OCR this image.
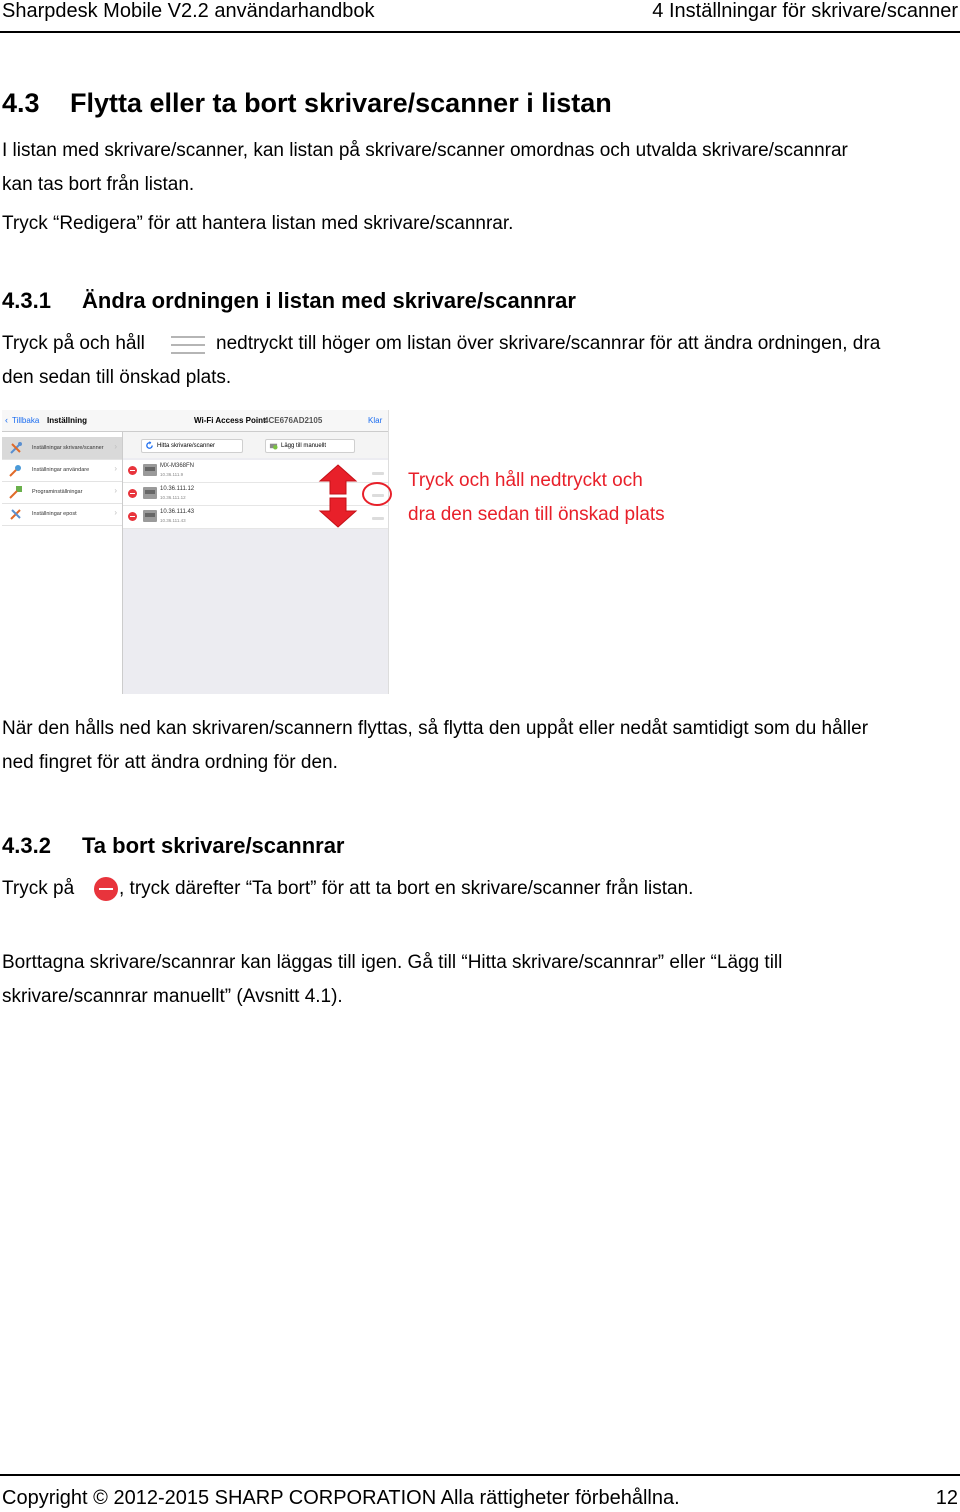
Sharpdesk Mobile V2.2 användarhandbok	4 Inställningar för skrivare/scanner
4.3 Flytta eller ta bort skrivare/scanner i listan
I listan med skrivare/scanner, kan listan på skrivare/scanner omordnas och utvalda skrivare/scannrar
kan tas bort från listan.
Tryck “Redigera” för att hantera listan med skrivare/scannrar.
4.3.1 Ändra ordningen i listan med skrivare/scannrar
Tryck på och håll	nedtryckt till höger om listan över skrivare/scannrar för att ändra ordningen, dra
den sedan till önskad plats.
‹ Tillbaka Inställning	Wi-Fi Access Point:
4CE676AD2105	Klar
Inställningar skrivare/scanner ›
Inställningar användare	›
Programinställningar	›
Inställningar epost	›
Hitta skrivare/scanner	Lägg till manuellt
MX-M368FN
10.36.111.9
10.36.111.12
10.36.111.12
10.36.111.43
10.36.111.43
Tryck och håll nedtryckt och
dra den sedan till önskad plats
När den hålls ned kan skrivaren/scannern flyttas, så flytta den uppåt eller nedåt samtidigt som du håller
ned fingret för att ändra ordning för den.
4.3.2 Ta bort skrivare/scannrar
Tryck på , tryck därefter “Ta bort” för att ta bort en skrivare/scanner från listan.
Borttagna skrivare/scannrar kan läggas till igen. Gå till “Hitta skrivare/scannrar” eller “Lägg till
skrivare/scannrar manuellt” (Avsnitt 4.1).
Copyright © 2012-2015 SHARP CORPORATION Alla rättigheter förbehållna.	12
